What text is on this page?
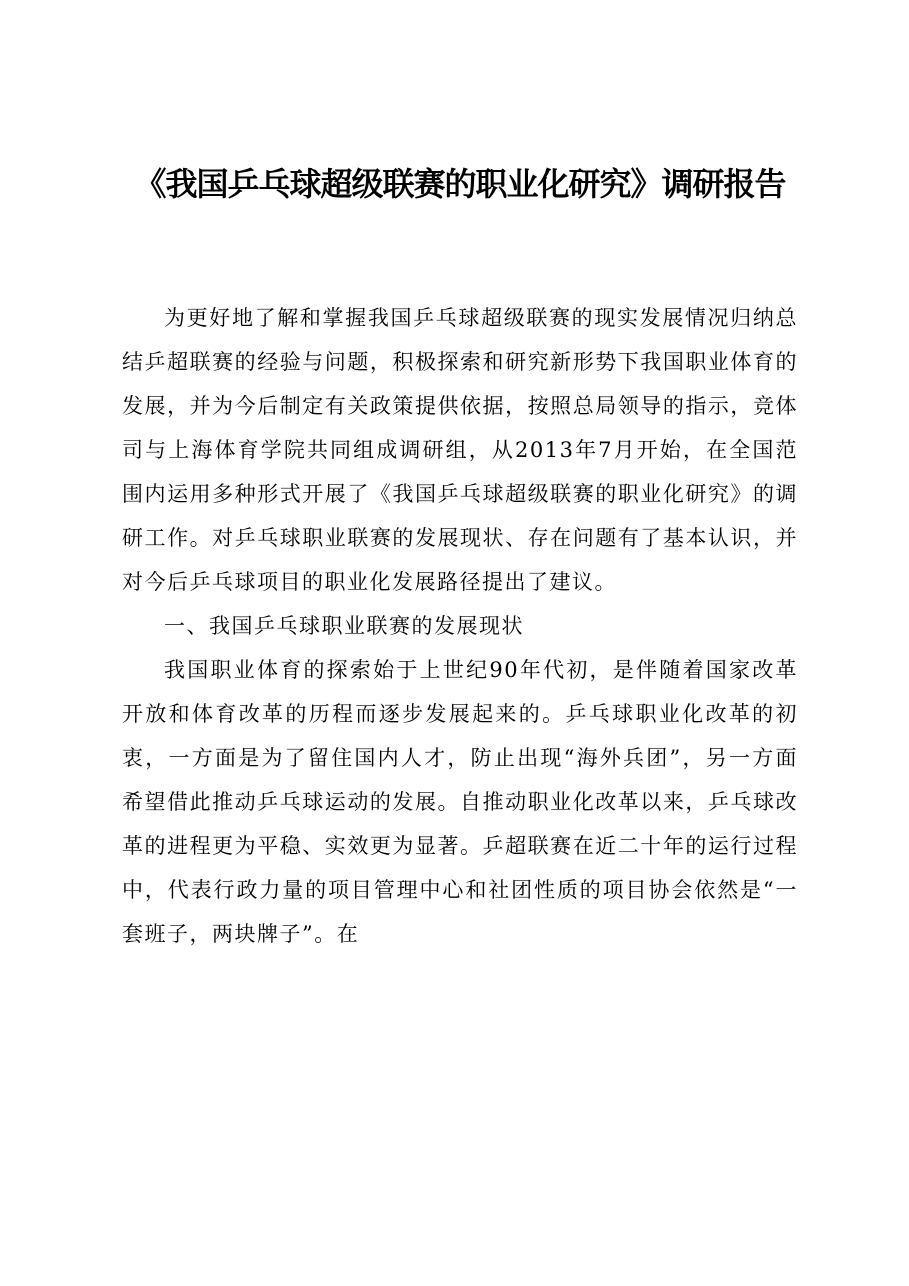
《我国乒乓球超级联赛的职业化研究》调研报告

为更好地了解和掌握我国乒乓球超级联赛的现实发展情况归纳总结乒超联赛的经验与问题，积极探索和研究新形势下我国职业体育的发展，并为今后制定有关政策提供依据，按照总局领导的指示，竞体司与上海体育学院共同组成调研组，从2013年7月开始，在全国范围内运用多种形式开展了《我国乒乓球超级联赛的职业化研究》的调研工作。对乒乓球职业联赛的发展现状、存在问题有了基本认识，并对今后乒乓球项目的职业化发展路径提出了建议。

一、我国乒乓球职业联赛的发展现状

我国职业体育的探索始于上世纪90年代初，是伴随着国家改革开放和体育改革的历程而逐步发展起来的。乒乓球职业化改革的初衷，一方面是为了留住国内人才，防止出现“海外兵团”，另一方面希望借此推动乒乓球运动的发展。自推动职业化改革以来，乒乓球改革的进程更为平稳、实效更为显著。乒超联赛在近二十年的运行过程中，代表行政力量的项目管理中心和社团性质的项目协会依然是“一套班子，两块牌子”。在
